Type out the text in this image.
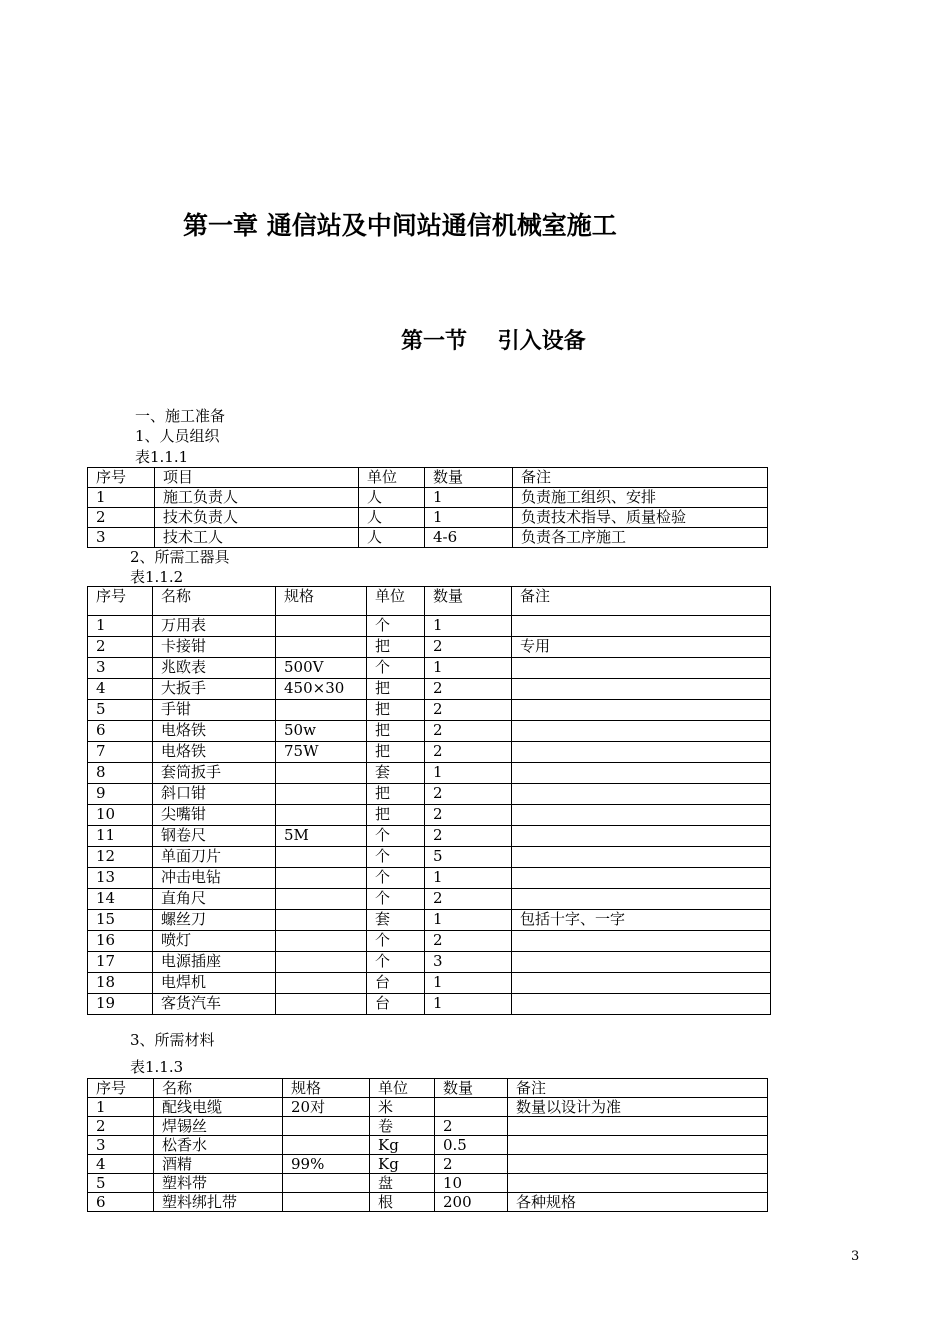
第一章 通信站及中间站通信机械室施工
第一节    引入设备
一、施工准备
1、人员组织
表1.1.1
序号	项目	单位	数量	备注
1	施工负责人	人	1	负责施工组织、安排
2	技术负责人	人	1	负责技术指导、质量检验
3	技术工人	人	4-6	负责各工序施工
2、所需工器具
表1.1.2
序号	名称	规格	单位	数量	备注
1	万用表		个	1	
2	卡接钳		把	2	专用
3	兆欧表	500V	个	1	
4	大扳手	450×30	把	2	
5	手钳		把	2	
6	电烙铁	50w	把	2	
7	电烙铁	75W	把	2	
8	套筒扳手		套	1	
9	斜口钳		把	2	
10	尖嘴钳		把	2	
11	钢卷尺	5M	个	2	
12	单面刀片		个	5	
13	冲击电钻		个	1	
14	直角尺		个	2	
15	螺丝刀		套	1	包括十字、一字
16	喷灯		个	2	
17	电源插座		个	3	
18	电焊机		台	1	
19	客货汽车		台	1	
3、所需材料
表1.1.3
序号	名称	规格	单位	数量	备注
1	配线电缆	20对	米		数量以设计为准
2	焊锡丝		卷	2	
3	松香水		Kg	0.5	
4	酒精	99%	Kg	2	
5	塑料带		盘	10	
6	塑料绑扎带		根	200	各种规格
3
